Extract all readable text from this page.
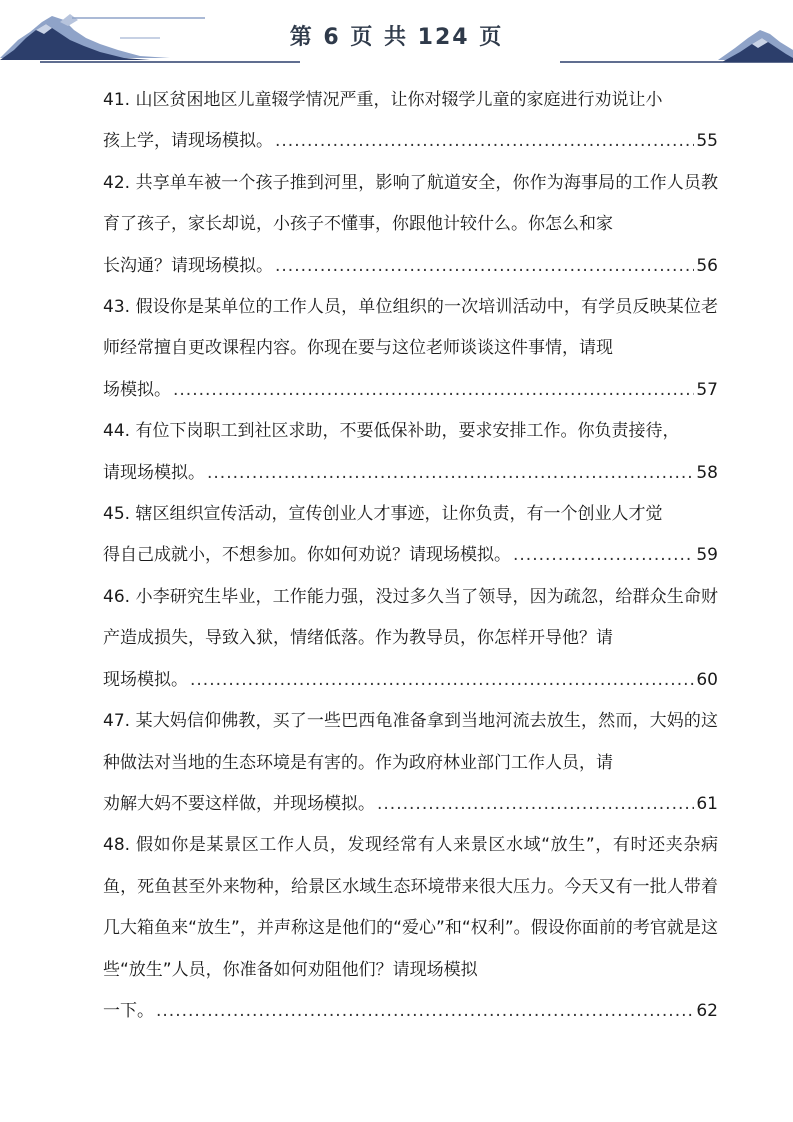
第 6 页 共 124 页
41. 山区贫困地区儿童辍学情况严重，让你对辍学儿童的家庭进行劝说让小
孩上学，请现场模拟。 .....	55
42. 共享单车被一个孩子推到河里，影响了航道安全，你作为海事局的工作人员教育了孩子，家长却说，小孩子不懂事，你跟他计较什么。你怎么和家
长沟通？请现场模拟。 .....	56
43. 假设你是某单位的工作人员，单位组织的一次培训活动中，有学员反映某位老师经常擅自更改课程内容。你现在要与这位老师谈谈这件事情，请现
场模拟。 .....	57
44. 有位下岗职工到社区求助，不要低保补助，要求安排工作。你负责接待，
请现场模拟。 .....	58
45. 辖区组织宣传活动，宣传创业人才事迹，让你负责，有一个创业人才觉
得自己成就小，不想参加。你如何劝说？请现场模拟。 .....	59
46. 小李研究生毕业，工作能力强，没过多久当了领导，因为疏忽，给群众生命财产造成损失，导致入狱，情绪低落。作为教导员，你怎样开导他？请
现场模拟。 .....	60
47. 某大妈信仰佛教，买了一些巴西龟准备拿到当地河流去放生，然而，大妈的这种做法对当地的生态环境是有害的。作为政府林业部门工作人员，请
劝解大妈不要这样做，并现场模拟。 .....	61
48. 假如你是某景区工作人员，发现经常有人来景区水域“放生”，有时还夹杂病鱼，死鱼甚至外来物种，给景区水域生态环境带来很大压力。今天又有一批人带着几大箱鱼来“放生”，并声称这是他们的“爱心”和“权利”。假设你面前的考官就是这些“放生”人员，你准备如何劝阻他们？请现场模拟
一下。 .....	62
